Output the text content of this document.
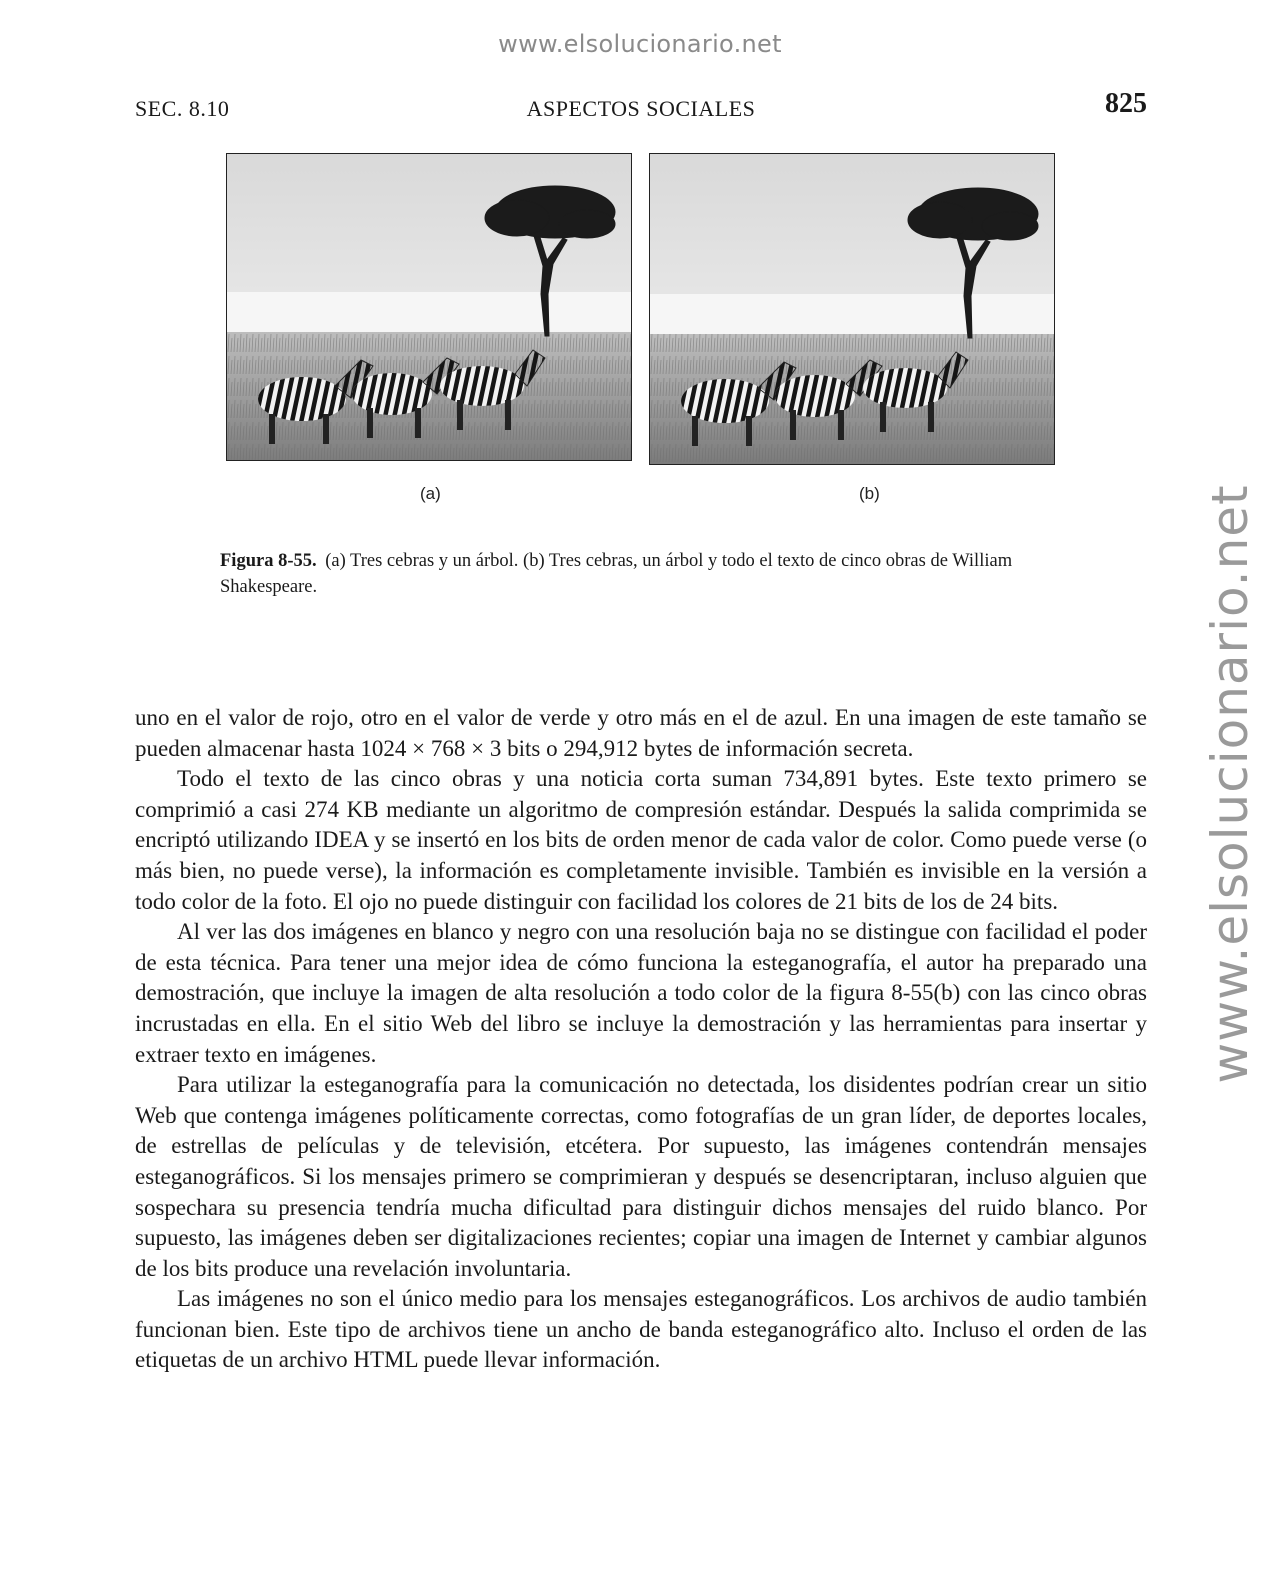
www.elsolucionario.net
www.elsolucionario.net
SEC. 8.10	ASPECTOS SOCIALES	825
(a)	(b)
Figura 8-55. (a) Tres cebras y un árbol. (b) Tres cebras, un árbol y todo el texto de cinco obras de William Shakespeare.

uno en el valor de rojo, otro en el valor de verde y otro más en el de azul. En una imagen de este tamaño se pueden almacenar hasta 1024 × 768 × 3 bits o 294,912 bytes de información secreta.

Todo el texto de las cinco obras y una noticia corta suman 734,891 bytes. Este texto primero se comprimió a casi 274 KB mediante un algoritmo de compresión estándar. Después la salida comprimida se encriptó utilizando IDEA y se insertó en los bits de orden menor de cada valor de color. Como puede verse (o más bien, no puede verse), la información es completamente invisible. También es invisible en la versión a todo color de la foto. El ojo no puede distinguir con facilidad los colores de 21 bits de los de 24 bits.

Al ver las dos imágenes en blanco y negro con una resolución baja no se distingue con facilidad el poder de esta técnica. Para tener una mejor idea de cómo funciona la esteganografía, el autor ha preparado una demostración, que incluye la imagen de alta resolución a todo color de la figura 8-55(b) con las cinco obras incrustadas en ella. En el sitio Web del libro se incluye la demostración y las herramientas para insertar y extraer texto en imágenes.

Para utilizar la esteganografía para la comunicación no detectada, los disidentes podrían crear un sitio Web que contenga imágenes políticamente correctas, como fotografías de un gran líder, de deportes locales, de estrellas de películas y de televisión, etcétera. Por supuesto, las imágenes contendrán mensajes esteganográficos. Si los mensajes primero se comprimieran y después se desencriptaran, incluso alguien que sospechara su presencia tendría mucha dificultad para distinguir dichos mensajes del ruido blanco. Por supuesto, las imágenes deben ser digitalizaciones recientes; copiar una imagen de Internet y cambiar algunos de los bits produce una revelación involuntaria.

Las imágenes no son el único medio para los mensajes esteganográficos. Los archivos de audio también funcionan bien. Este tipo de archivos tiene un ancho de banda esteganográfico alto. Incluso el orden de las etiquetas de un archivo HTML puede llevar información.
